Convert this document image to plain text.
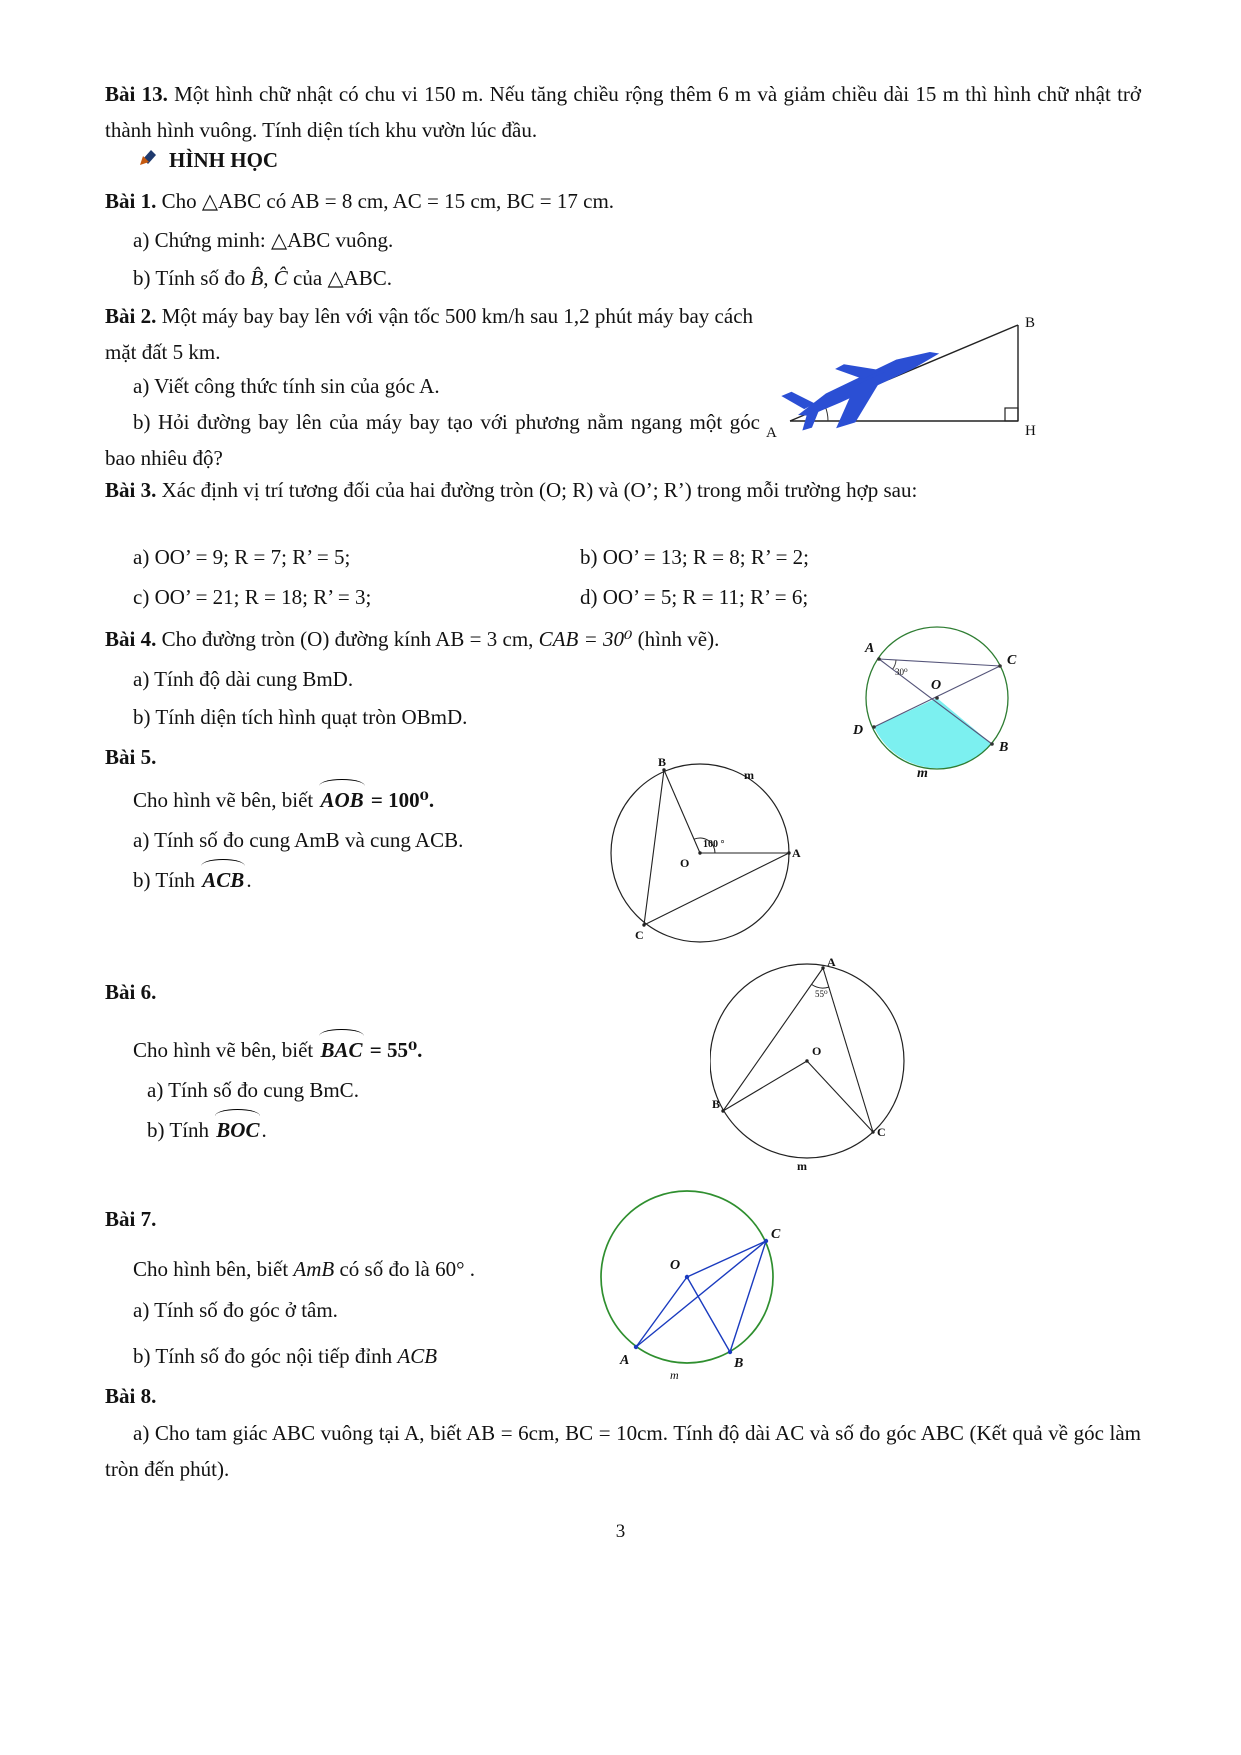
Bài 13. Một hình chữ nhật có chu vi 150 m. Nếu tăng chiều rộng thêm 6 m và giảm chiều dài 15 m thì hình chữ nhật trở thành hình vuông. Tính diện tích khu vườn lúc đầu.

HÌNH HỌC

Bài 1. Cho △ABC có AB = 8 cm, AC = 15 cm, BC = 17 cm.

a) Chứng minh: △ABC vuông.

b) Tính số đo B̂, Ĉ của △ABC.

Bài 2. Một máy bay bay lên với vận tốc 500 km/h sau 1,2 phút máy bay cách mặt đất 5 km.

a) Viết công thức tính sin của góc A.

b) Hỏi đường bay lên của máy bay tạo với phương nằm ngang một góc bao nhiêu độ?

B
A	H

Bài 3. Xác định vị trí tương đối của hai đường tròn (O; R) và (O’; R’) trong mỗi trường hợp sau:

a) OO’ = 9; R = 7; R’ = 5;	b) OO’ = 13; R = 8; R’ = 2;

c) OO’ = 21; R = 18; R’ = 3;	d) OO’ = 5; R = 11; R’ = 6;

Bài 4. Cho đường tròn (O) đường kính AB = 3 cm, CAB = 30⁰ (hình vẽ).

a) Tính độ dài cung BmD.

b) Tính diện tích hình quạt tròn OBmD.

A
C
D
B
O
m
30⁰

Bài 5.

Cho hình vẽ bên, biết AOB = 100⁰.

a) Tính số đo cung AmB và cung ACB.

b) Tính ACB.

B
A
C
O
m
100 °

Bài 6.

Cho hình vẽ bên, biết BAC = 55⁰.

a) Tính số đo cung BmC.

b) Tính BOC.

A
B
C
O
m
55⁰

Bài 7.

Cho hình bên, biết AmB có số đo là 60° .

a) Tính số đo góc ở tâm.

b) Tính số đo góc nội tiếp đỉnh ACB

C
A	B
O
m

Bài 8.

a) Cho tam giác ABC vuông tại A, biết AB = 6cm, BC = 10cm. Tính độ dài AC và số đo góc ABC (Kết quả về góc làm tròn đến phút).

3
